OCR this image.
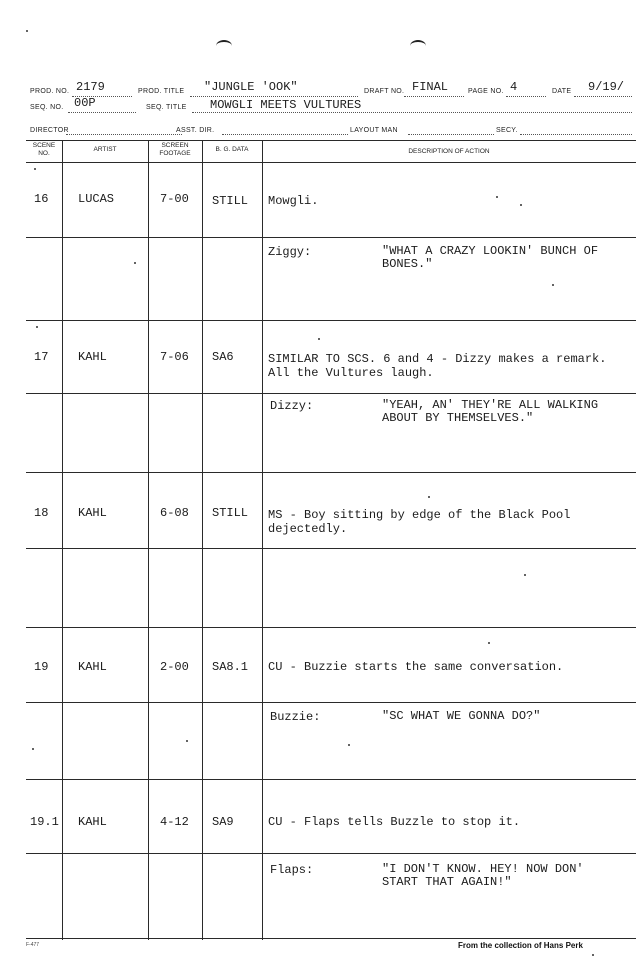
PROD. NO. 2179	PROD. TITLE "JUNGLE 'OOK"	DRAFT NO. FINAL	PAGE NO. 4	DATE 9/19/
SEQ. NO. 00P	SEQ. TITLE MOWGLI MEETS VULTURES
DIRECTOR	ASST. DIR.	LAYOUT MAN	SECY.
SCENE NO.
ARTIST
SCREEN FOOTAGE
B. G. DATA	DESCRIPTION OF ACTION
16 LUCAS	7-00 STILL Mowgli.
Ziggy:	"WHAT A CRAZY LOOKIN' BUNCH OF BONES."
17 KAHL	7-06 SA6	SIMILAR TO SCS. 6 and 4 - Dizzy makes a remark. All the Vultures laugh.
Dizzy:	"YEAH, AN' THEY'RE ALL WALKING ABOUT BY THEMSELVES."
18 KAHL	6-08 STILL MS - Boy sitting by edge of the Black Pool dejectedly.
19 KAHL	2-00 SA8.1 CU - Buzzie starts the same conversation.
Buzzie:	"SC WHAT WE GONNA DO?"
19.1 KAHL	4-12 SA9	CU - Flaps tells Buzzle to stop it.
Flaps:	"I DON'T KNOW. HEY! NOW DON' START THAT AGAIN!"
F-477	From the collection of Hans Perk
